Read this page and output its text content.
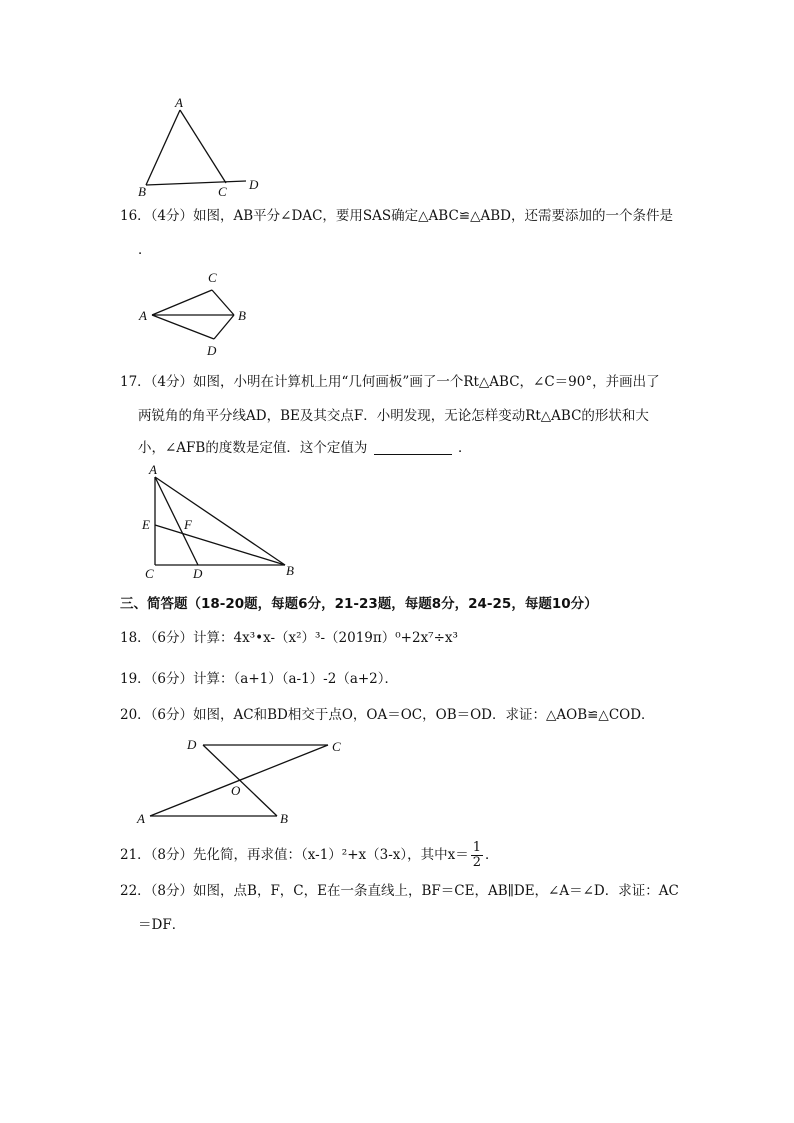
A
B	C D
16．（4分）如图，AB平分∠DAC，要用SAS确定△ABC≌△ABD，还需要添加的一个条件是
．
C
A	B
D
17．（4分）如图，小明在计算机上用“几何画板”画了一个Rt△ABC，∠C＝90°，并画出了
两锐角的角平分线AD，BE及其交点F．小明发现，无论怎样变动Rt△ABC的形状和大
小，∠AFB的度数是定值．这个定值为	．
A
E	F
C	D	B
三、简答题（18-20题，每题6分，21-23题，每题8分，24-25，每题10分）
18．（6分）计算：4x³•x-（x²）³-（2019π）⁰+2x⁷÷x³
19．（6分）计算：（a+1）（a-1）-2（a+2）．
20．（6分）如图，AC和BD相交于点O，OA＝OC，OB＝OD．求证：△AOB≌△COD．
D	C
O
A	B
21．（8分）先化简，再求值：（x-1）²+x（3-x），其中$x= \frac{1}{2}$ ．
22．（8分）如图，点B，F，C，E在一条直线上，BF＝CE，AB∥DE，∠A＝∠D．求证：AC
＝DF．
